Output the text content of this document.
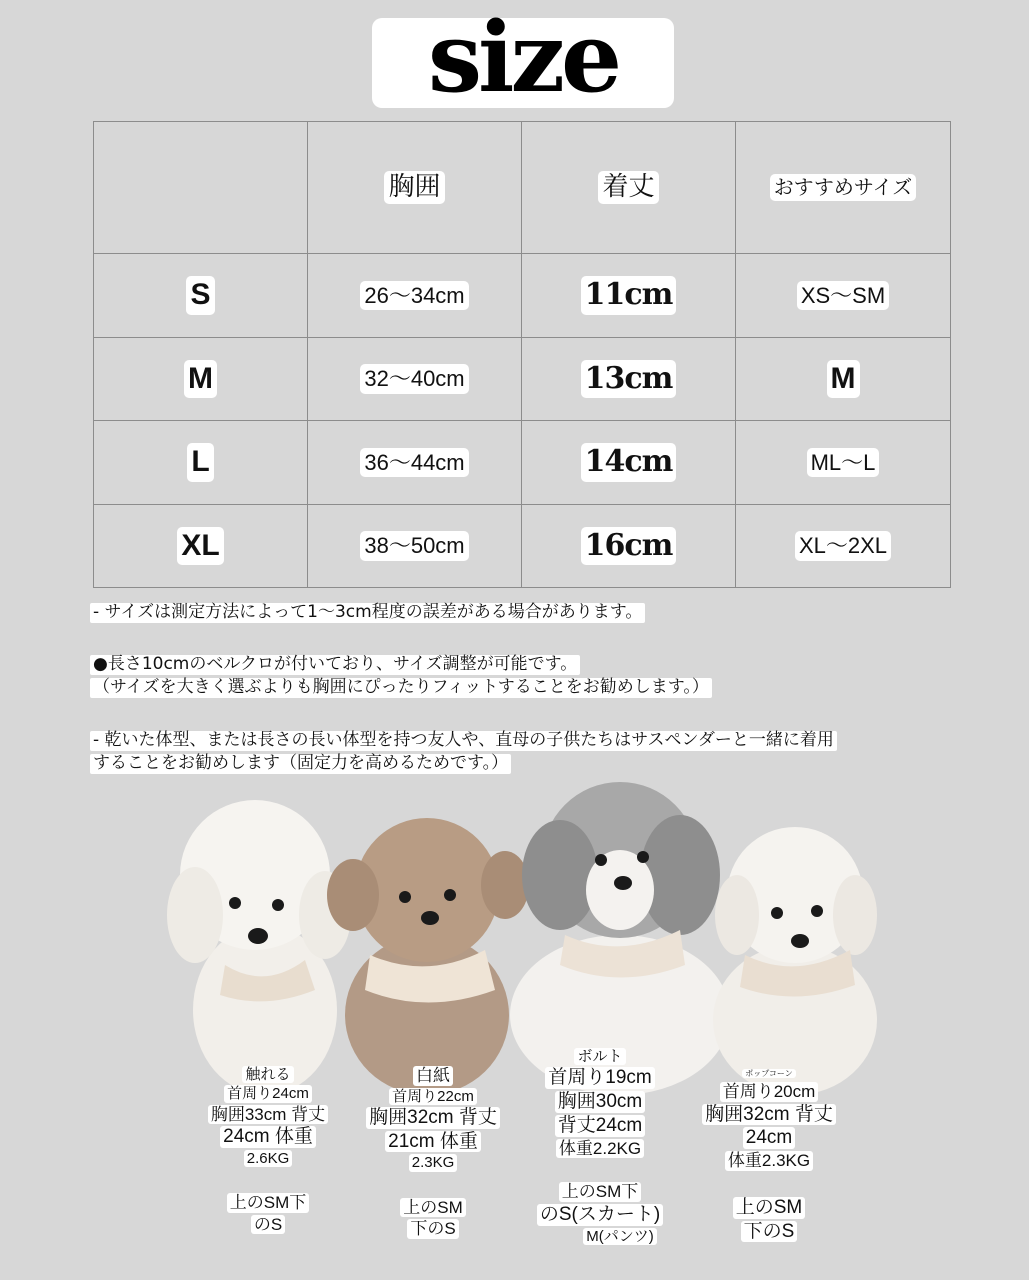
size
	胸囲	着丈	おすすめサイズ
S	26～34cm	11cm	XS～SM
M	32～40cm	13cm	M
L	36～44cm	14cm	ML～L
XL	38～50cm	16cm	XL～2XL
- サイズは測定方法によって1～3cm程度の誤差がある場合があります。
●長さ10cmのベルクロが付いており、サイズ調整が可能です。
（サイズを大きく選ぶよりも胸囲にぴったりフィットすることをお勧めします。）
- 乾いた体型、または長さの長い体型を持つ友人や、直母の子供たちはサスペンダーと一緒に着用
することをお勧めします（固定力を高めるためです。）
触れる
首周り24cm
胸囲33cm 背丈
24cm 体重
2.6KG
上のSM下
のS
白紙
首周り22cm
胸囲32cm 背丈
21cm 体重
2.3KG
上のSM
下のS
ボルト
首周り19cm
胸囲30cm
背丈24cm
体重2.2KG
上のSM下
のS(スカート)
M(パンツ)
ポップコーン
首周り20cm
胸囲32cm 背丈
24cm
体重2.3KG
上のSM
下のS
